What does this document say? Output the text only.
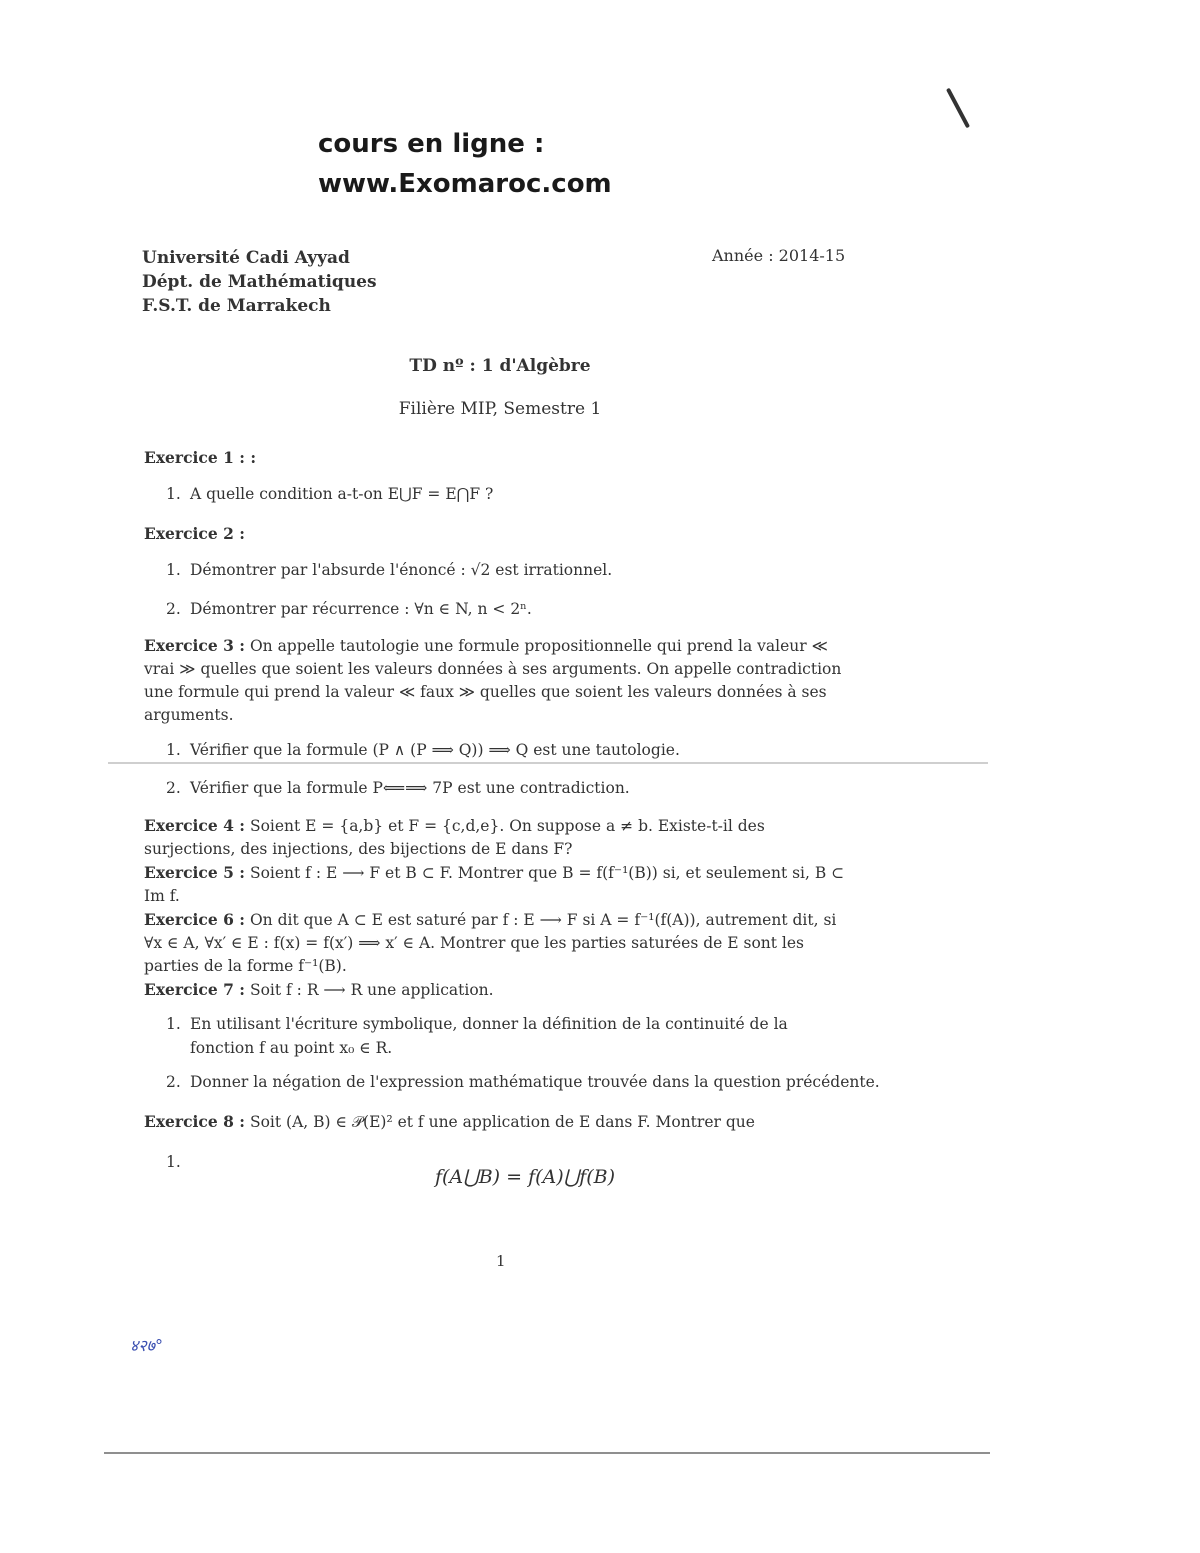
cours en ligne :
www.Exomaroc.com
Université Cadi Ayyad
Dépt. de Mathématiques
F.S.T. de Marrakech
Année : 2014-15
TD nº : 1 d'Algèbre
Filière MIP, Semestre 1
Exercice 1 : :
1. A quelle condition a-t-on E⋃F = E⋂F ?
Exercice 2 :
1. Démontrer par l'absurde l'énoncé : √2 est irrationnel.
2. Démontrer par récurrence : ∀n ∈ N, n < 2ⁿ.
Exercice 3 : On appelle tautologie une formule propositionnelle qui prend la valeur ≪ vrai ≫ quelles que soient les valeurs données à ses arguments. On appelle contradiction une formule qui prend la valeur ≪ faux ≫ quelles que soient les valeurs données à ses arguments.
1. Vérifier que la formule (P ∧ (P ⟹ Q)) ⟹ Q est une tautologie.
2. Vérifier que la formule P⟸⟹ 7P est une contradiction.
Exercice 4 : Soient E = {a,b} et F = {c,d,e}. On suppose a ≠ b. Existe-t-il des surjections, des injections, des bijections de E dans F?
Exercice 5 : Soient f : E ⟶ F et B ⊂ F. Montrer que B = f(f⁻¹(B)) si, et seulement si, B ⊂ Im f.
Exercice 6 : On dit que A ⊂ E est saturé par f : E ⟶ F si A = f⁻¹(f(A)), autrement dit, si ∀x ∈ A, ∀x′ ∈ E : f(x) = f(x′) ⟹ x′ ∈ A. Montrer que les parties saturées de E sont les parties de la forme f⁻¹(B).
Exercice 7 : Soit f : R ⟶ R une application.
1. En utilisant l'écriture symbolique, donner la définition de la continuité de la fonction f au point x₀ ∈ R.
2. Donner la négation de l'expression mathématique trouvée dans la question précédente.
Exercice 8 : Soit (A, B) ∈ 𝒫(E)² et f une application de E dans F. Montrer que
1.
f(A⋃B) = f(A)⋃f(B)
1
४२७°
